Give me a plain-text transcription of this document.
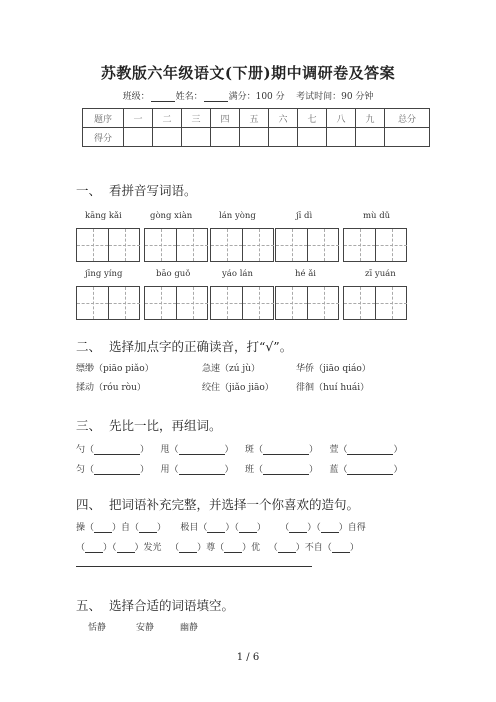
苏教版六年级语文(下册)期中调研卷及答案
班级：	姓名：	满分：100 分 考试时间：90 分钟
题序	一	二	三	四	五	六	七	八	九	总分
得分										
一、  看拼音写词语。
kāng kǎi	gòng xiàn	lán yòng	jī dì	mù dǔ
jīng yíng	bāo guǒ	yáo lán	hé ǎi	zī yuán
二、  选择加点字的正确读音，打“√”。
缥缈（piāo piǎo）	急速（zú jù）	华侨（jiāo qiáo）
揉动（róu ròu）	绞住（jiǎo jiāo） 徘徊（huí huái）
三、  先比一比，再组词。
勺（	） 甩（	） 斑（	） 萱（	）
匀（	） 用（	） 班（	） 蓝（	）
四、  把词语补充完整，并选择一个你喜欢的造句。
操（ ）自（ ） 极目（ ）（ ） （ ）（ ）自得
（ ）（ ）发光 （ ）尊（ ）优 （ ）不自（ ）
五、  选择合适的词语填空。
恬静	安静	幽静
1 / 6
